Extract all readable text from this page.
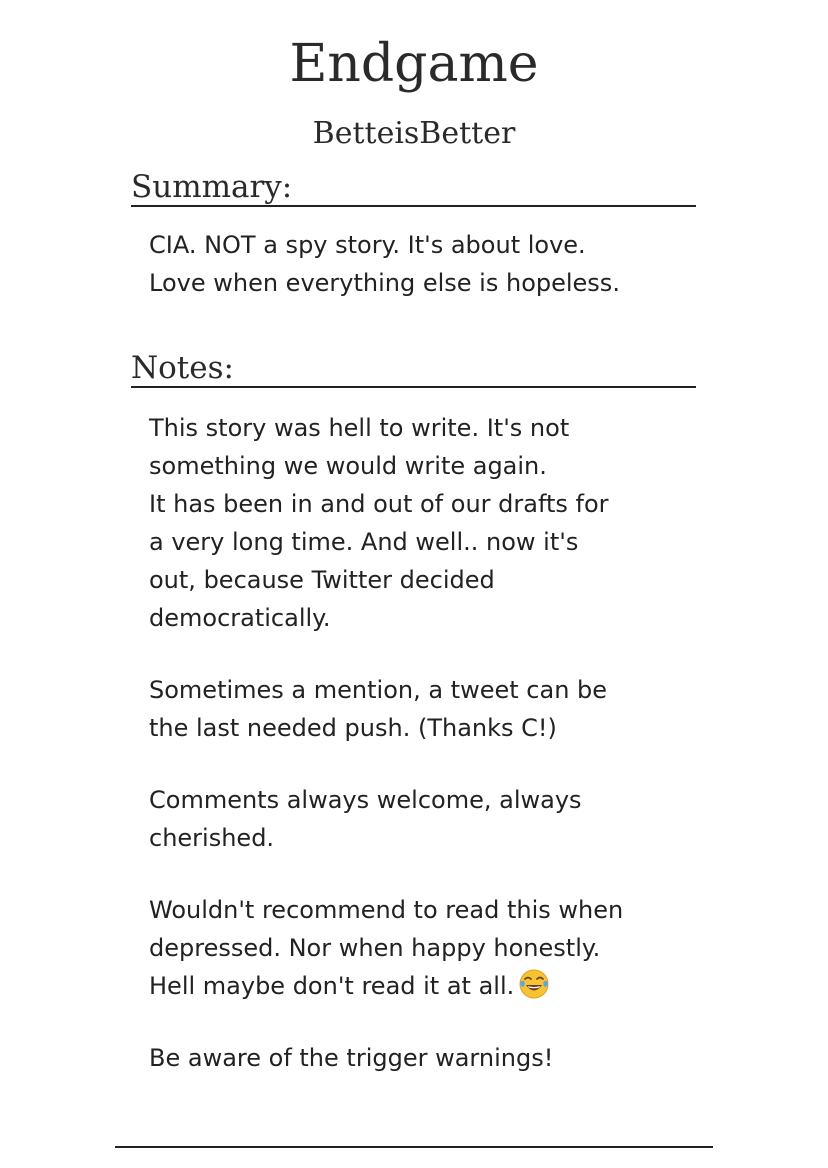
Endgame
BetteisBetter
Summary:
CIA. NOT a spy story. It's about love.
Love when everything else is hopeless.
Notes:
This story was hell to write. It's not
something we would write again.
It has been in and out of our drafts for
a very long time. And well.. now it's
out, because Twitter decided
democratically.
Sometimes a mention, a tweet can be
the last needed push. (Thanks C!)
Comments always welcome, always
cherished.
Wouldn't recommend to read this when
depressed. Nor when happy honestly.
Hell maybe don't read it at all.
Be aware of the trigger warnings!
